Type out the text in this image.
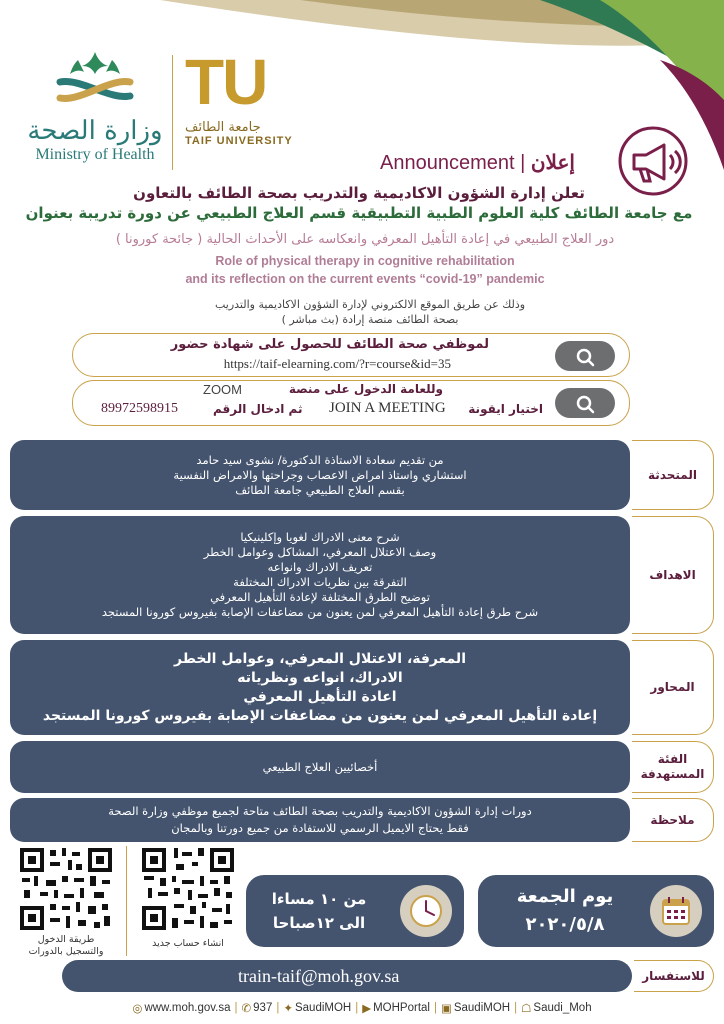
وزارة الصحة
Ministry of Health
TU
جامعة الطائف
TAIF UNIVERSITY
Announcement | إعلان
تعلن إدارة الشؤون الاكاديمية والتدريب بصحة الطائف بالتعاون
مع جامعة الطائف كلية العلوم الطبية التطبيقية قسم العلاج الطبيعي عن دورة تدريبة بعنوان
دور العلاج الطبيعي في إعادة التأهيل المعرفي وانعكاسه على الأحداث الحالية ( جائحة كورونا )
Role of physical therapy in cognitive rehabilitation
and its reflection on the current events “covid-19” pandemic
وذلك عن طريق الموقع الالكتروني لإدارة الشؤون الاكاديمية والتدريب
بصحة الطائف منصة إرادة (بث مباشر )
لموظفي صحة الطائف للحصول على شهادة حضور
https://taif-elearning.com/?r=course&id=35
وللعامة الدخول على منصة
ZOOM
اختيار ايقونة
JOIN A MEETING
ثم ادخال الرقم
89972598915
من تقديم سعادة الاستاذة الدكتورة/ نشوى سيد حامد
استشاري واستاذ امراض الاعصاب وجراحتها والامراض النفسية
بقسم العلاج الطبيعي جامعة الطائف
المتحدثة
شرح معنى الادراك لغويا وإكلينيكيا
وصف الاعتلال المعرفي، المشاكل وعوامل الخطر
تعريف الادراك وانواعه
التفرقة بين نظريات الادراك المختلفة
توضيح الطرق المختلفة لإعادة التأهيل المعرفي
شرح طرق إعادة التأهيل المعرفي لمن يعنون من مضاعفات الإصابة بفيروس كورونا المستجد
الاهداف
المعرفة، الاعتلال المعرفي، وعوامل الخطر
الادراك، انواعه ونظرياته
اعادة التأهيل المعرفي
إعادة التأهيل المعرفي لمن يعنون من مضاعفات الإصابة بفيروس كورونا المستجد
المحاور
أخصائيين العلاج الطبيعي
الفئة
المستهدفة
دورات إدارة الشؤون الاكاديمية والتدريب بصحة الطائف متاحة لجميع موظفي وزارة الصحة
فقط يحتاج الايميل الرسمي للاستفادة من جميع دورتنا وبالمجان
ملاحظة
طريقة الدخول
والتسجيل بالدورات
انشاء حساب جديد
من ١٠ مساءا
الى ١٢صباحا
يوم الجمعة
٢٠٢٠/٥/٨
train-taif@moh.gov.sa	للاستفسار
◎ www.moh.gov.sa | ✆ 937 | ✦ SaudiMOH | ▶ MOHPortal | ▣ SaudiMOH | ☖ Saudi_Moh
